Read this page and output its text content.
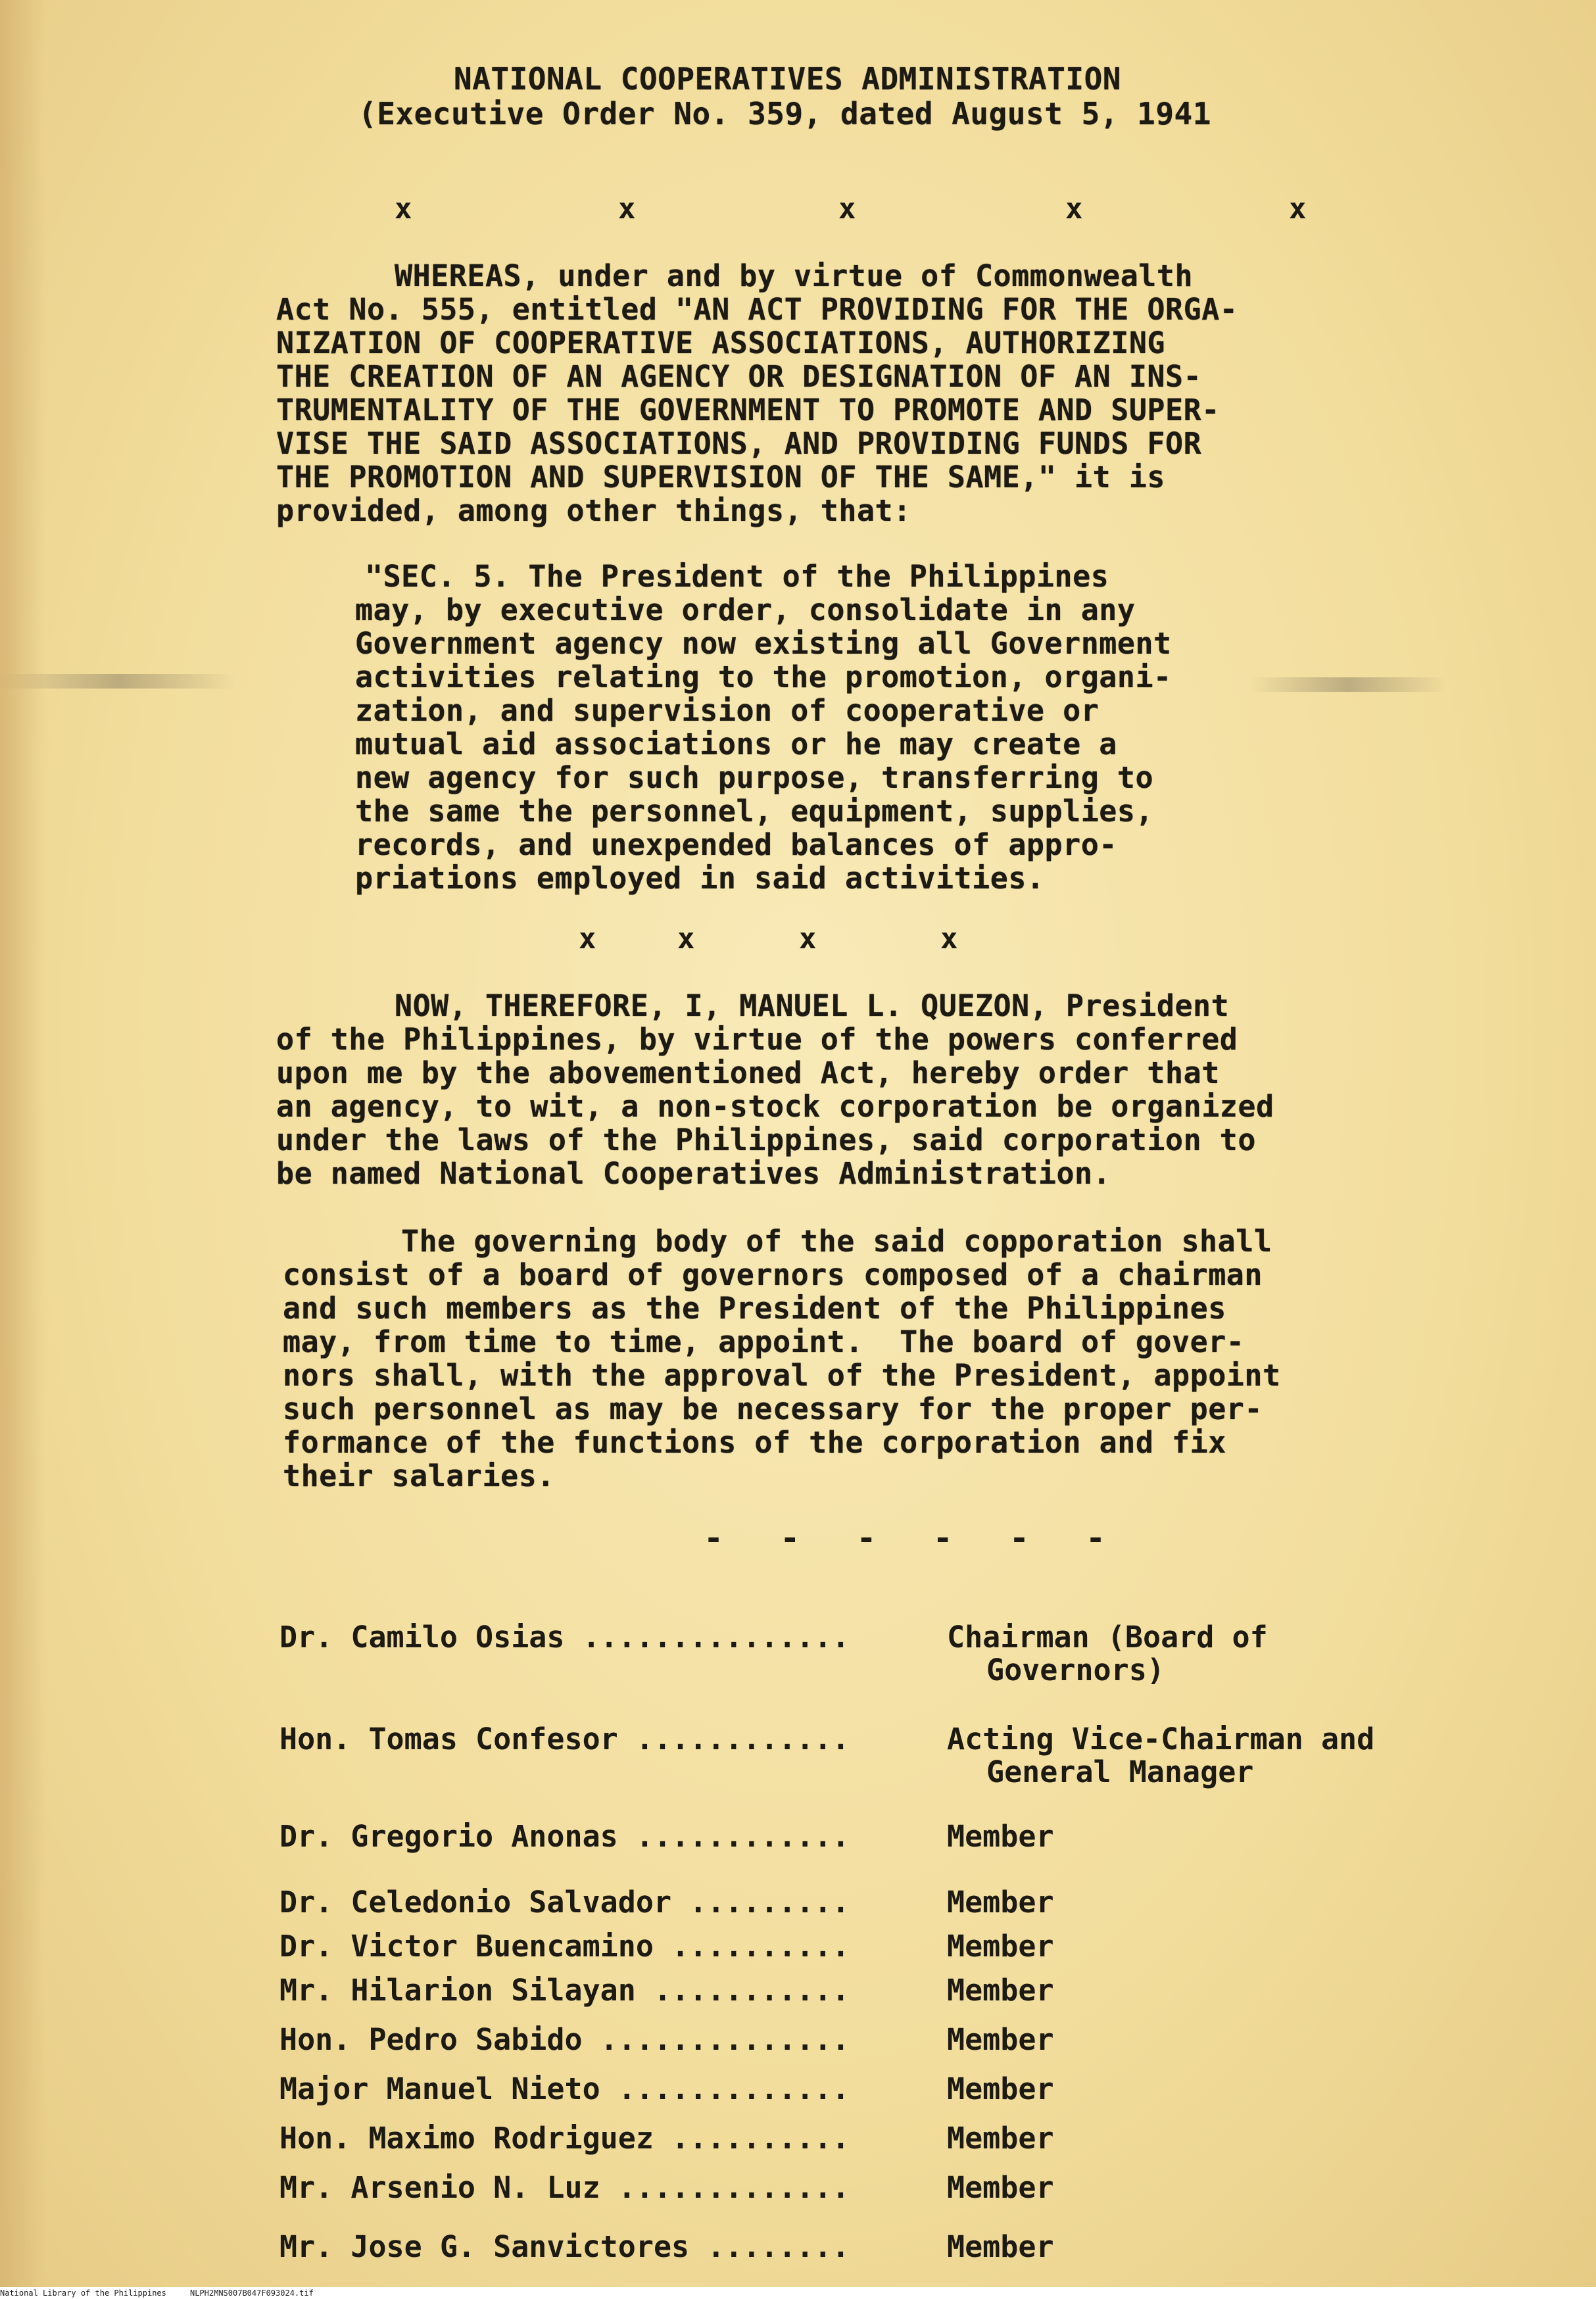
NATIONAL COOPERATIVES ADMINISTRATION
(Executive Order No. 359, dated August 5, 1941
x	x	x	x	x
WHEREAS, under and by virtue of Commonwealth
Act No. 555, entitled "AN ACT PROVIDING FOR THE ORGA-
NIZATION OF COOPERATIVE ASSOCIATIONS, AUTHORIZING
THE CREATION OF AN AGENCY OR DESIGNATION OF AN INS-
TRUMENTALITY OF THE GOVERNMENT TO PROMOTE AND SUPER-
VISE THE SAID ASSOCIATIONS, AND PROVIDING FUNDS FOR
THE PROMOTION AND SUPERVISION OF THE SAME," it is
provided, among other things, that:
"SEC. 5. The President of the Philippines
may, by executive order, consolidate in any
Government agency now existing all Government
activities relating to the promotion, organi-
zation, and supervision of cooperative or
mutual aid associations or he may create a
new agency for such purpose, transferring to
the same the personnel, equipment, supplies,
records, and unexpended balances of appro-
priations employed in said activities.
x	x	x	x
NOW, THEREFORE, I, MANUEL L. QUEZON, President
of the Philippines, by virtue of the powers conferred
upon me by the abovementioned Act, hereby order that
an agency, to wit, a non-stock corporation be organized
under the laws of the Philippines, said corporation to
be named National Cooperatives Administration.
The governing body of the said copporation shall
consist of a board of governors composed of a chairman
and such members as the President of the Philippines
may, from time to time, appoint.  The board of gover-
nors shall, with the approval of the President, appoint
such personnel as may be necessary for the proper per-
formance of the functions of the corporation and fix
their salaries.
- - - - - -
Dr. Camilo Osias ...............	Chairman (Board of
Governors)
Hon. Tomas Confesor ............	Acting Vice-Chairman and
General Manager
Dr. Gregorio Anonas ............	Member
Dr. Celedonio Salvador .........	Member
Dr. Victor Buencamino ..........	Member
Mr. Hilarion Silayan ...........	Member
Hon. Pedro Sabido ..............	Member
Major Manuel Nieto .............	Member
Hon. Maximo Rodriguez ..........	Member
Mr. Arsenio N. Luz .............	Member
Mr. Jose G. Sanvictores ........	Member
National Library of the Philippines     NLPH2MNS007B047F093024.tif
